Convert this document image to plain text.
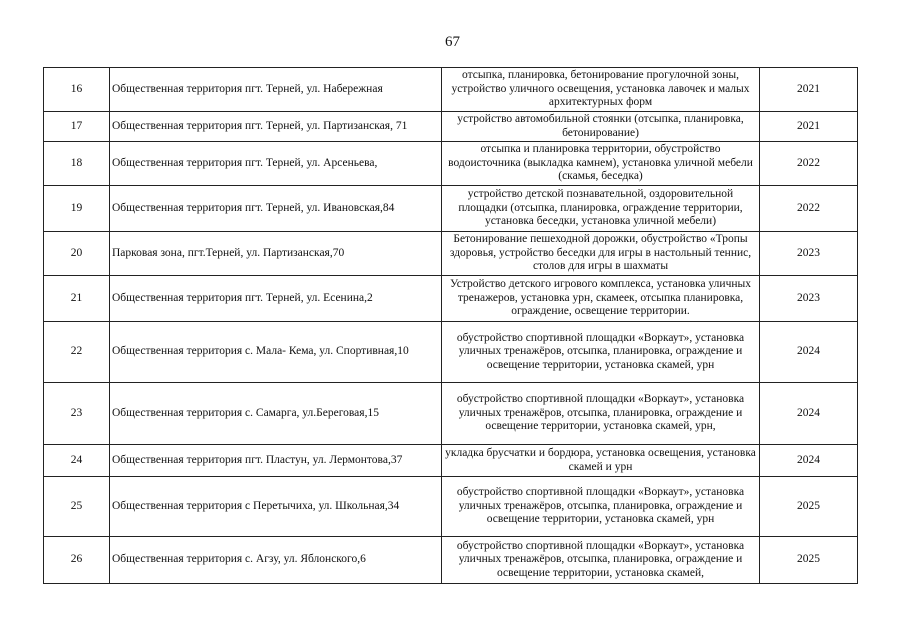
67
16	Общественная территория пгт. Терней, ул. Набережная	отсыпка, планировка, бетонирование прогулочной зоны, устройство уличного освещения, установка лавочек и малых архитектурных форм	2021
17	Общественная территория пгт. Терней, ул. Партизанская, 71	устройство автомобильной стоянки (отсыпка, планировка, бетонирование)	2021
18	Общественная территория пгт. Терней, ул. Арсеньева,	отсыпка и планировка территории, обустройство водоисточника (выкладка камнем), установка уличной мебели (скамья, беседка)	2022
19	Общественная территория пгт. Терней, ул. Ивановская,84	устройство детской познавательной, оздоровительной площадки (отсыпка, планировка, ограждение территории, установка беседки, установка уличной мебели)	2022
20	Парковая зона, пгт.Терней, ул. Партизанская,70	Бетонирование пешеходной дорожки, обустройство «Тропы здоровья, устройство беседки для игры в настольный теннис, столов для игры в шахматы	2023
21	Общественная территория пгт. Терней, ул. Есенина,2	Устройство детского игрового комплекса, установка уличных тренажеров, установка урн, скамеек, отсыпка планировка, ограждение, освещение территории.	2023
22	Общественная территория с. Мала- Кема, ул. Спортивная,10	обустройство спортивной площадки «Воркаут», установка уличных тренажёров, отсыпка, планировка, ограждение и освещение территории, установка скамей, урн	2024
23	Общественная территория с. Самарга, ул.Береговая,15	обустройство спортивной площадки «Воркаут», установка уличных тренажёров, отсыпка, планировка, ограждение и освещение территории, установка скамей, урн,	2024
24	Общественная территория пгт. Пластун, ул. Лермонтова,37	укладка брусчатки и бордюра, установка освещения, установка скамей и урн	2024
25	Общественная территория с Перетычиха, ул. Школьная,34	обустройство спортивной площадки «Воркаут», установка уличных тренажёров, отсыпка, планировка, ограждение и освещение территории, установка скамей, урн	2025
26	Общественная территория с. Агзу, ул. Яблонского,6	обустройство спортивной площадки «Воркаут», установка уличных тренажёров, отсыпка, планировка, ограждение и освещение территории, установка скамей,	2025
